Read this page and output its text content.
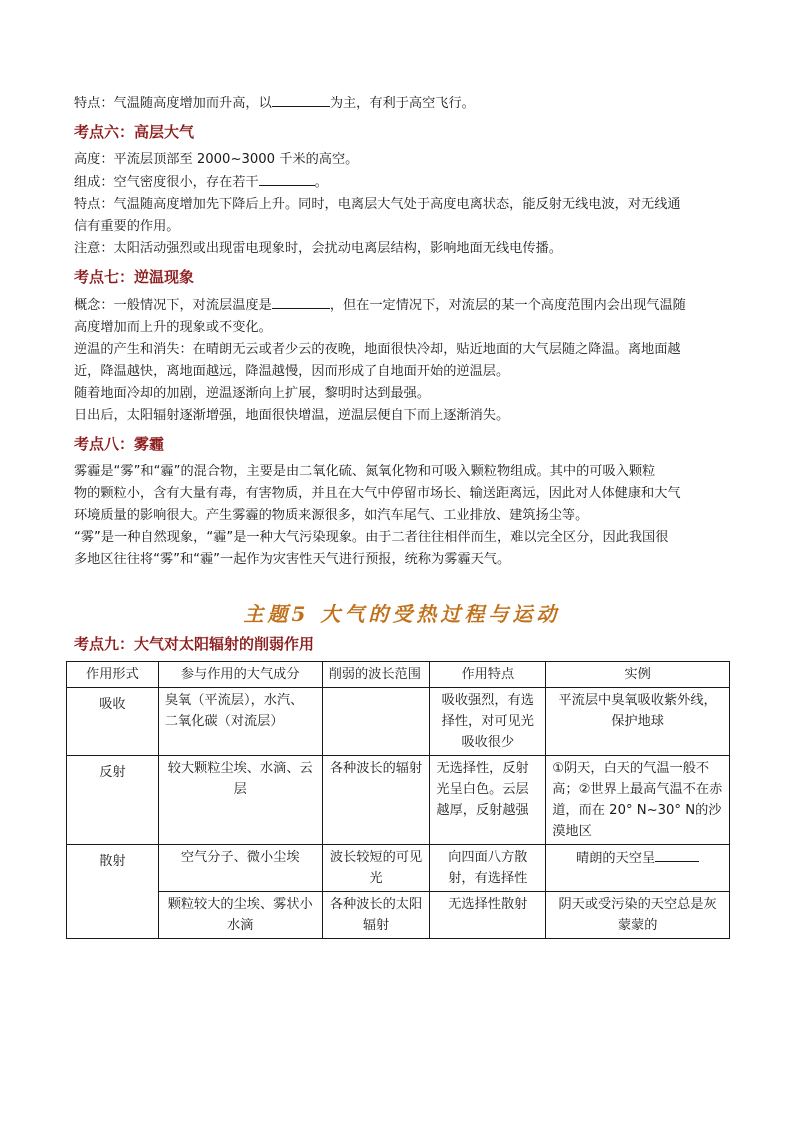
特点：气温随高度增加而升高，以	为主，有利于高空飞行。

考点六：高层大气

高度：平流层顶部至 2000~3000 千米的高空。

组成：空气密度很小，存在若干	。

特点：气温随高度增加先下降后上升。同时，电离层大气处于高度电离状态，能反射无线电波，对无线通

信有重要的作用。

注意：太阳活动强烈或出现雷电现象时，会扰动电离层结构，影响地面无线电传播。

考点七：逆温现象

概念：一般情况下，对流层温度是	，但在一定情况下，对流层的某一个高度范围内会出现气温随

高度增加而上升的现象或不变化。

逆温的产生和消失：在晴朗无云或者少云的夜晚，地面很快冷却，贴近地面的大气层随之降温。离地面越

近，降温越快，离地面越远，降温越慢，因而形成了自地面开始的逆温层。

随着地面冷却的加剧，逆温逐渐向上扩展，黎明时达到最强。

日出后，太阳辐射逐渐增强，地面很快增温，逆温层便自下而上逐渐消失。

考点八：雾霾

雾霾是“雾”和“霾”的混合物，主要是由二氧化硫、氮氧化物和可吸入颗粒物组成。其中的可吸入颗粒

物的颗粒小，含有大量有毒，有害物质，并且在大气中停留市场长、输送距离远，因此对人体健康和大气

环境质量的影响很大。产生雾霾的物质来源很多，如汽车尾气、工业排放、建筑扬尘等。

“雾”是一种自然现象，“霾”是一种大气污染现象。由于二者往往相伴而生，难以完全区分，因此我国很

多地区往往将“雾”和“霾”一起作为灾害性天气进行预报，统称为雾霾天气。

主题5 大气的受热过程与运动
考点九：大气对太阳辐射的削弱作用
作用形式	参与作用的大气成分	削弱的波长范围	作用特点	实例
吸收	臭氧（平流层），水汽、二氧化碳（对流层）		吸收强烈，有选择性，对可见光吸收很少	平流层中臭氧吸收紫外线，保护地球
反射	较大颗粒尘埃、水滴、云层	各种波长的辐射	无选择性，反射光呈白色。云层越厚，反射越强	①阴天，白天的气温一般不高；②世界上最高气温不在赤道，而在 20° N~30° N的沙漠地区
散射	空气分子、微小尘埃	波长较短的可见光	向四面八方散射，有选择性	晴朗的天空呈
	颗粒较大的尘埃、雾状小水滴	各种波长的太阳辐射	无选择性散射	阴天或受污染的天空总是灰蒙蒙的
